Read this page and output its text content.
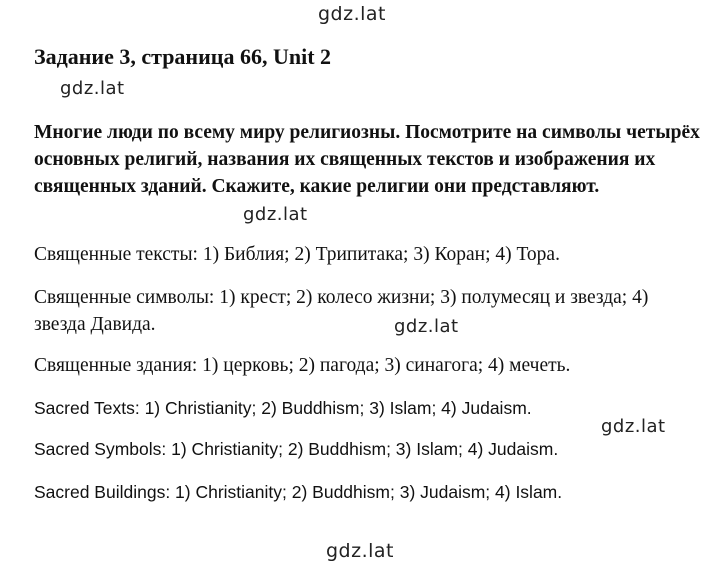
gdz.lat
Задание 3, страница 66, Unit 2
gdz.lat

Многие люди по всему миру религиозны. Посмотрите на символы четырёх основных религий, названия их священных текстов и изображения их священных зданий. Скажите, какие религии они представляют.

gdz.lat

Священные тексты: 1) Библия; 2) Трипитака; 3) Коран; 4) Тора.

Священные символы: 1) крест; 2) колесо жизни; 3) полумесяц и звезда; 4) звезда Давида.	gdz.lat

Священные здания: 1) церковь; 2) пагода; 3) синагога; 4) мечеть.

Sacred Texts: 1) Christianity; 2) Buddhism; 3) Islam; 4) Judaism.

gdz.lat

Sacred Symbols: 1) Christianity; 2) Buddhism; 3) Islam; 4) Judaism.

Sacred Buildings: 1) Christianity; 2) Buddhism; 3) Judaism; 4) Islam.

gdz.lat
